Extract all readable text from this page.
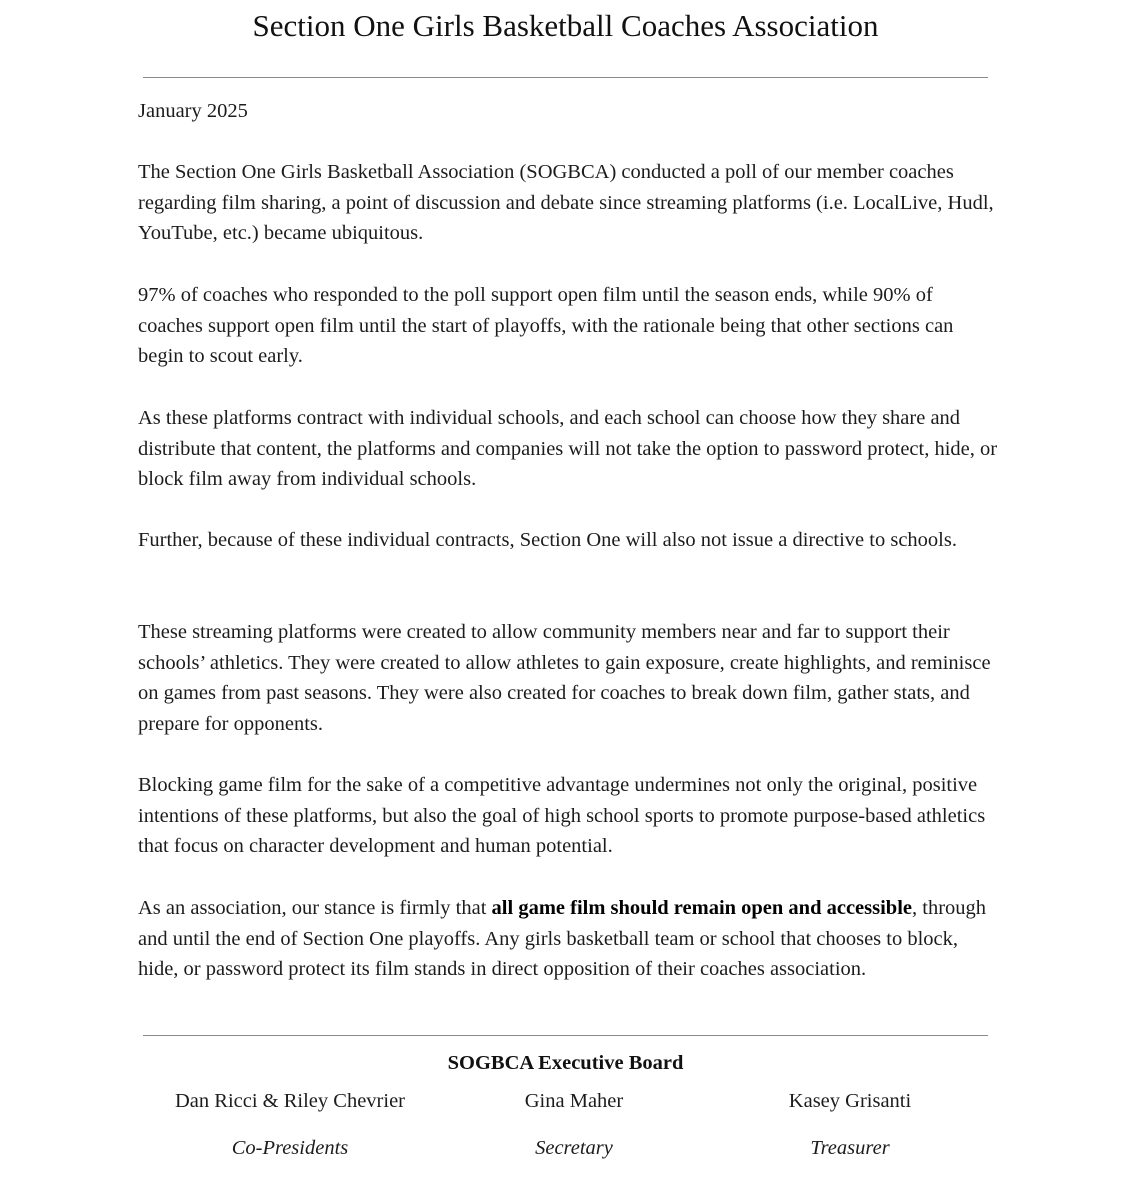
Section One Girls Basketball Coaches Association

January 2025

The Section One Girls Basketball Association (SOGBCA) conducted a poll of our member coaches regarding film sharing, a point of discussion and debate since streaming platforms (i.e. LocalLive, Hudl, YouTube, etc.) became ubiquitous.

97% of coaches who responded to the poll support open film until the season ends, while 90% of coaches support open film until the start of playoffs, with the rationale being that other sections can begin to scout early.

As these platforms contract with individual schools, and each school can choose how they share and distribute that content, the platforms and companies will not take the option to password protect, hide, or block film away from individual schools.

Further, because of these individual contracts, Section One will also not issue a directive to schools.

These streaming platforms were created to allow community members near and far to support their schools’ athletics. They were created to allow athletes to gain exposure, create highlights, and reminisce on games from past seasons. They were also created for coaches to break down film, gather stats, and prepare for opponents.

Blocking game film for the sake of a competitive advantage undermines not only the original, positive intentions of these platforms, but also the goal of high school sports to promote purpose-based athletics that focus on character development and human potential.

As an association, our stance is firmly that all game film should remain open and accessible, through and until the end of Section One playoffs. Any girls basketball team or school that chooses to block, hide, or password protect its film stands in direct opposition of their coaches association.

SOGBCA Executive Board
Dan Ricci & Riley Chevrier	Gina Maher	Kasey Grisanti
Co-Presidents	Secretary	Treasurer
